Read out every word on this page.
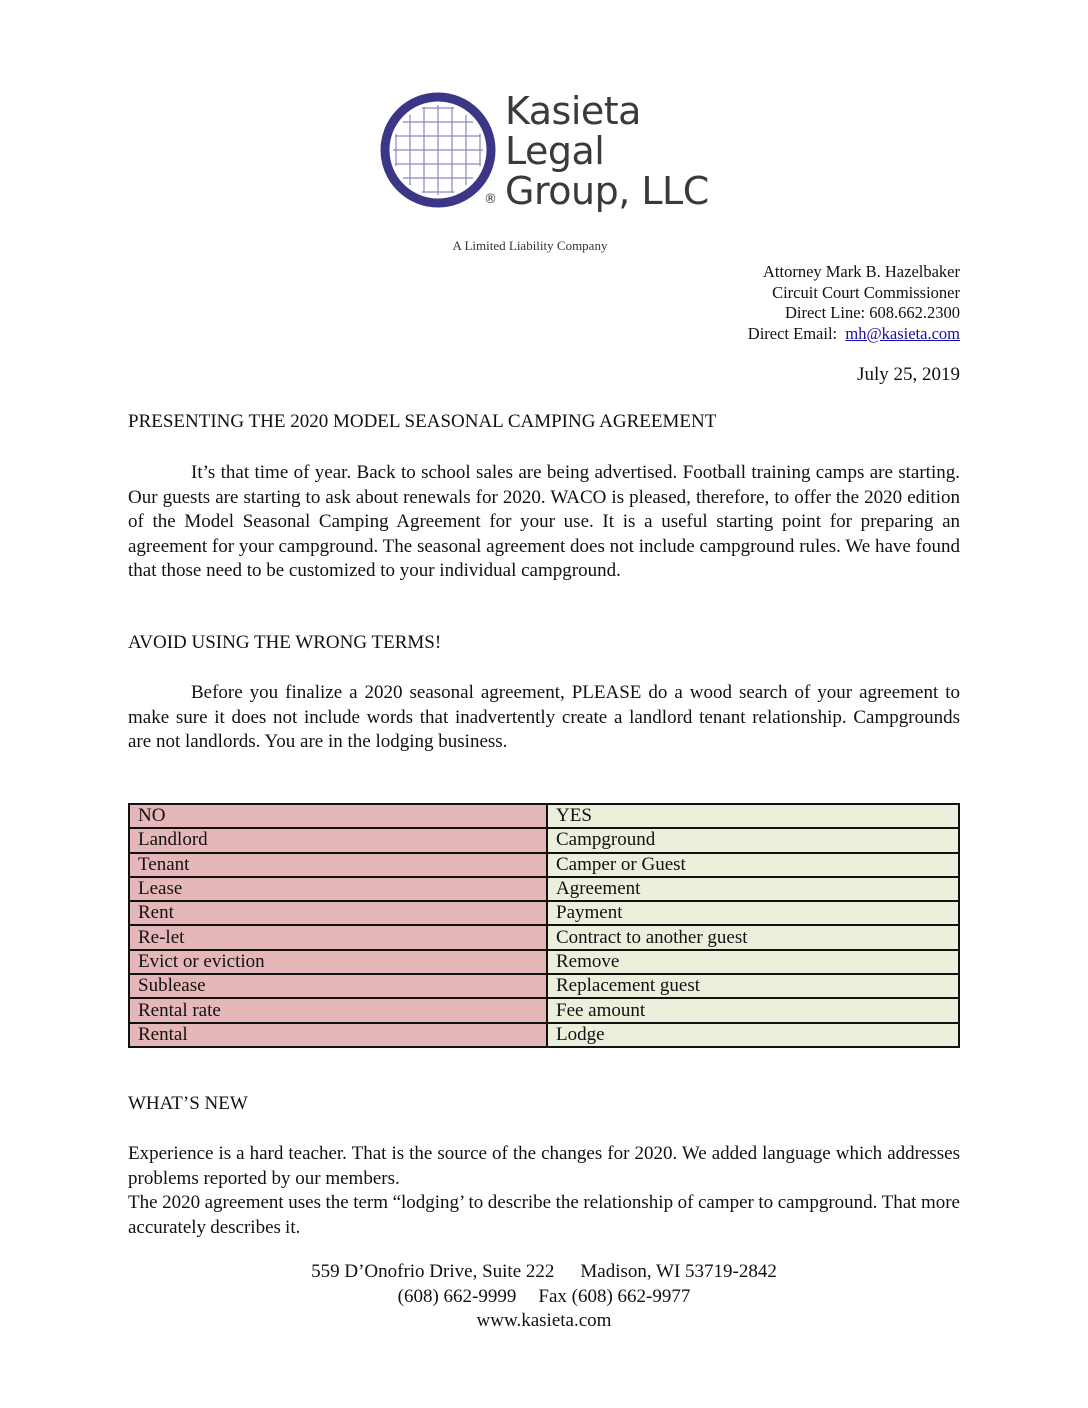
®
Kasieta
Legal
Group, LLC
A Limited Liability Company
Attorney Mark B. Hazelbaker
Circuit Court Commissioner
Direct Line: 608.662.2300
Direct Email: mh@kasieta.com
July 25, 2019
PRESENTING THE 2020 MODEL SEASONAL CAMPING AGREEMENT
It’s that time of year. Back to school sales are being advertised. Football training camps are starting. Our guests are starting to ask about renewals for 2020. WACO is pleased, therefore, to offer the 2020 edition of the Model Seasonal Camping Agreement for your use. It is a useful starting point for preparing an agreement for your campground. The seasonal agreement does not include campground rules. We have found that those need to be customized to your individual campground.
AVOID USING THE WRONG TERMS!
Before you finalize a 2020 seasonal agreement, PLEASE do a wood search of your agreement to make sure it does not include words that inadvertently create a landlord tenant relationship. Campgrounds are not landlords. You are in the lodging business.
NO	YES
Landlord	Campground
Tenant	Camper or Guest
Lease	Agreement
Rent	Payment
Re-let	Contract to another guest
Evict or eviction	Remove
Sublease	Replacement guest
Rental rate	Fee amount
Rental	Lodge
WHAT’S NEW
Experience is a hard teacher. That is the source of the changes for 2020. We added language which addresses problems reported by our members.
The 2020 agreement uses the term “lodging’ to describe the relationship of camper to campground. That more accurately describes it.
559 D’Onofrio Drive, Suite 222 Madison, WI 53719-2842
(608) 662-9999 Fax (608) 662-9977
www.kasieta.com
